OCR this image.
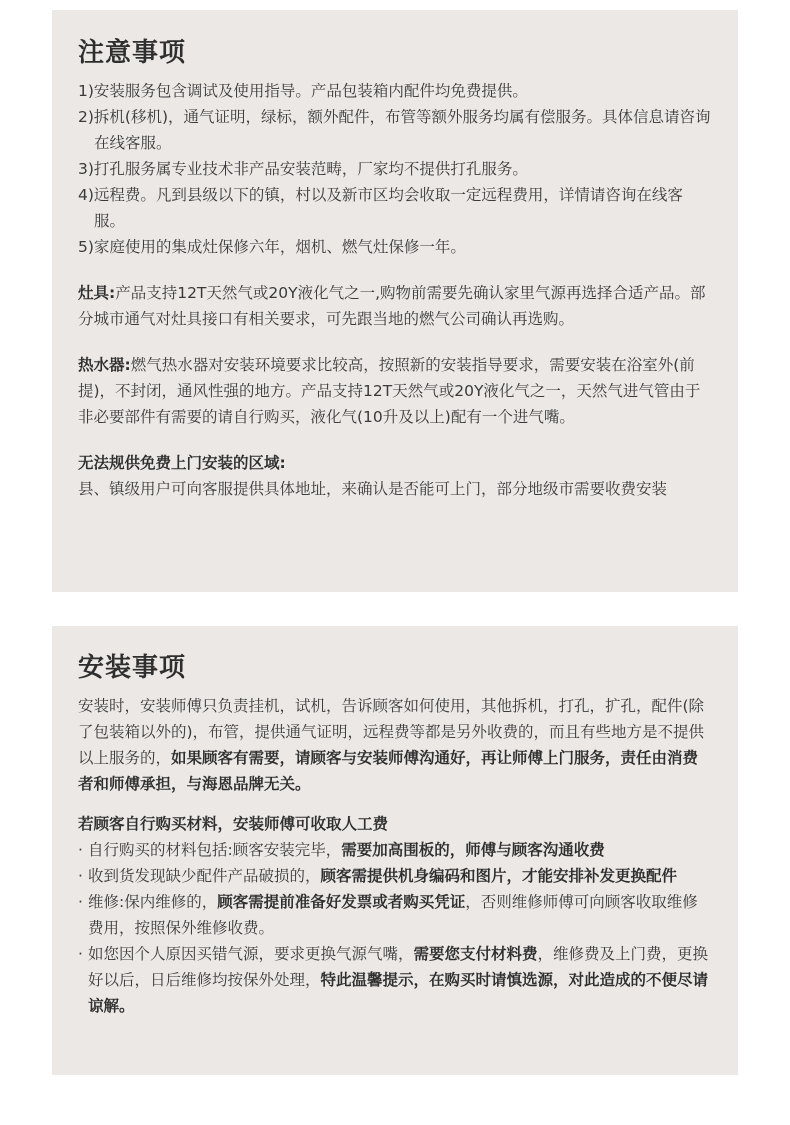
注意事项
1)安装服务包含调试及使用指导。产品包装箱内配件均免费提供。
2)拆机(移机)，通气证明，绿标，额外配件，布管等额外服务均属有偿服务。具体信息请咨询在线客服。
3)打孔服务属专业技术非产品安装范畴，厂家均不提供打孔服务。
4)远程费。凡到县级以下的镇，村以及新市区均会收取一定远程费用，详情请咨询在线客服。
5)家庭使用的集成灶保修六年，烟机、燃气灶保修一年。

灶具:产品支持12T天然气或20Y液化气之一,购物前需要先确认家里气源再选择合适产品。部分城市通气对灶具接口有相关要求，可先跟当地的燃气公司确认再选购。

热水器:燃气热水器对安装环境要求比较高，按照新的安装指导要求，需要安装在浴室外(前提)，不封闭，通风性强的地方。产品支持12T天然气或20Y液化气之一，天然气进气管由于非必要部件有需要的请自行购买，液化气(10升及以上)配有一个进气嘴。

无法规供免费上门安装的区域:

县、镇级用户可向客服提供具体地址，来确认是否能可上门，部分地级市需要收费安装

安装事项

安装时，安装师傅只负责挂机，试机，告诉顾客如何使用，其他拆机，打孔，扩孔，配件(除了包装箱以外的)，布管，提供通气证明，远程费等都是另外收费的，而且有些地方是不提供以上服务的，如果顾客有需要，请顾客与安装师傅沟通好，再让师傅上门服务，责任由消费者和师傅承担，与海恩品牌无关。

若顾客自行购买材料，安装师傅可收取人工费

· 自行购买的材料包括:顾客安装完毕，需要加高围板的，师傅与顾客沟通收费
· 收到货发现缺少配件产品破损的，顾客需提供机身编码和图片，才能安排补发更换配件
· 维修:保内维修的，顾客需提前准备好发票或者购买凭证，否则维修师傅可向顾客收取维修费用，按照保外维修收费。
· 如您因个人原因买错气源，要求更换气源气嘴，需要您支付材料费，维修费及上门费，更换好以后，日后维修均按保外处理，特此温馨提示，在购买时请慎选源，对此造成的不便尽请谅解。
